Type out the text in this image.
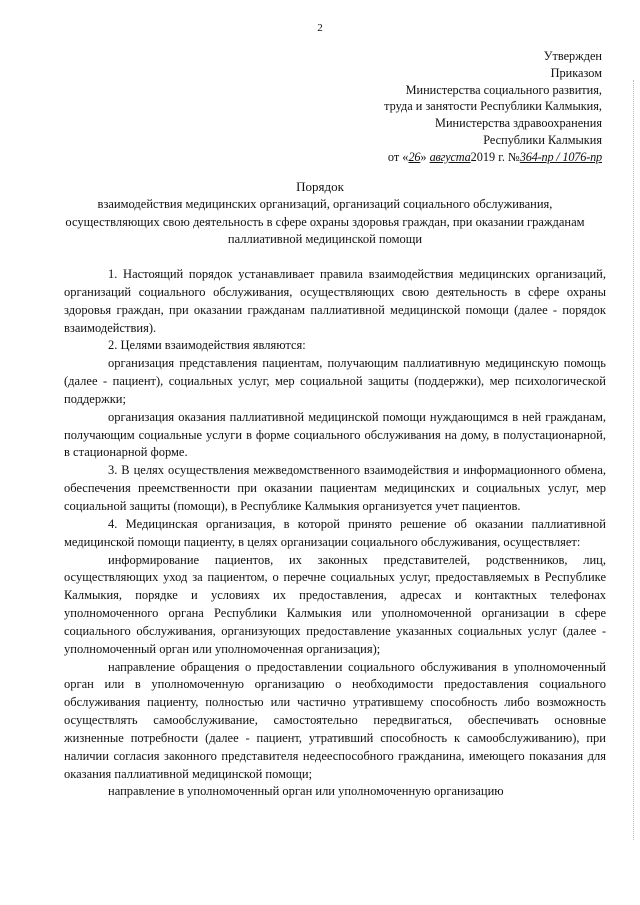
2
Утвержден
Приказом
Министерства социального развития,
труда и занятости Республики Калмыкия,
Министерства здравоохранения
Республики Калмыкия
от «26» августа2019 г. №364-пр / 1076-пр
Порядок
взаимодействия медицинских организаций, организаций социального обслуживания, осуществляющих свою деятельность в сфере охраны здоровья граждан, при оказании гражданам паллиативной медицинской помощи

1. Настоящий порядок устанавливает правила взаимодействия медицинских организаций, организаций социального обслуживания, осуществляющих свою деятельность в сфере охраны здоровья граждан, при оказании гражданам паллиативной медицинской помощи (далее - порядок взаимодействия).

2. Целями взаимодействия являются:

организация представления пациентам, получающим паллиативную медицинскую помощь (далее - пациент), социальных услуг, мер социальной защиты (поддержки), мер психологической поддержки;

организация оказания паллиативной медицинской помощи нуждающимся в ней гражданам, получающим социальные услуги в форме социального обслуживания на дому, в полустационарной, в стационарной форме.

3. В целях осуществления межведомственного взаимодействия и информационного обмена, обеспечения преемственности при оказании пациентам медицинских и социальных услуг, мер социальной защиты (помощи), в Республике Калмыкия организуется учет пациентов.

4. Медицинская организация, в которой принято решение об оказании паллиативной медицинской помощи пациенту, в целях организации социального обслуживания, осуществляет:

информирование пациентов, их законных представителей, родственников, лиц, осуществляющих уход за пациентом, о перечне социальных услуг, предоставляемых в Республике Калмыкия, порядке и условиях их предоставления, адресах и контактных телефонах уполномоченного органа Республики Калмыкия или уполномоченной организации в сфере социального обслуживания, организующих предоставление указанных социальных услуг (далее - уполномоченный орган или уполномоченная организация);

направление обращения о предоставлении социального обслуживания в уполномоченный орган или в уполномоченную организацию о необходимости предоставления социального обслуживания пациенту, полностью или частично утратившему способность либо возможность осуществлять самообслуживание, самостоятельно передвигаться, обеспечивать основные жизненные потребности (далее - пациент, утративший способность к самообслуживанию), при наличии согласия законного представителя недееспособного гражданина, имеющего показания для оказания паллиативной медицинской помощи;

направление в уполномоченный орган или уполномоченную организацию
